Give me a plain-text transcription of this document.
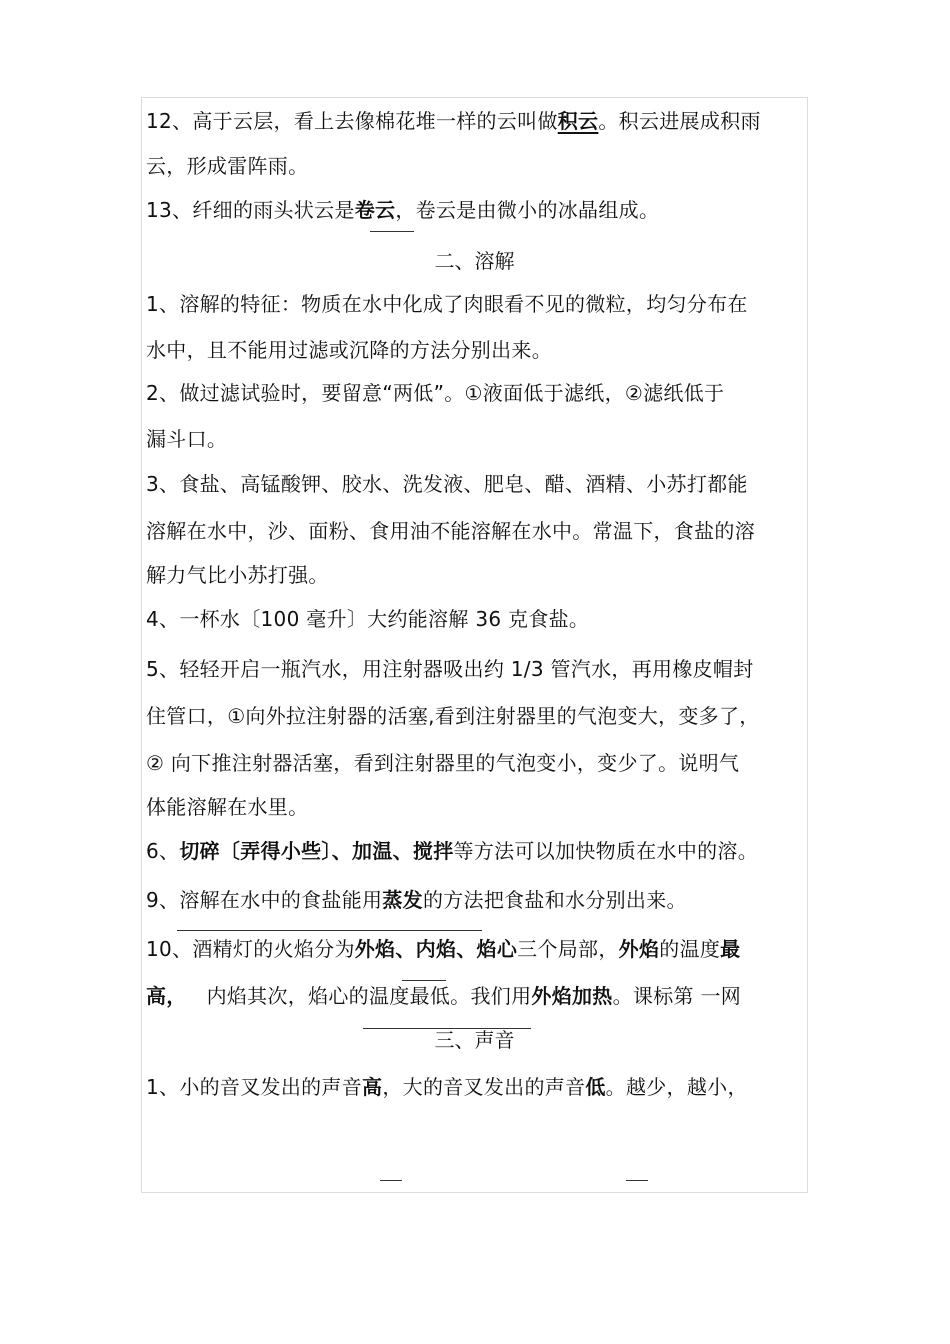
12、高于云层，看上去像棉花堆一样的云叫做积云。积云进展成积雨
云，形成雷阵雨。
13、纤细的雨头状云是卷云，卷云是由微小的冰晶组成。
二、溶解
1、溶解的特征：物质在水中化成了肉眼看不见的微粒，均匀分布在
水中，且不能用过滤或沉降的方法分别出来。
2、做过滤试验时，要留意“两低”。①液面低于滤纸，②滤纸低于
漏斗口。
3、食盐、高锰酸钾、胶水、洗发液、肥皂、醋、酒精、小苏打都能
溶解在水中，沙、面粉、食用油不能溶解在水中。常温下，食盐的溶
解力气比小苏打强。
4、一杯水〔100 毫升〕大约能溶解 36 克食盐。
5、轻轻开启一瓶汽水，用注射器吸出约 1/3 管汽水，再用橡皮帽封
住管口，①向外拉注射器的活塞,看到注射器里的气泡变大，变多了，
② 向下推注射器活塞，看到注射器里的气泡变小，变少了。说明气
体能溶解在水里。
6、切碎〔弄得小些〕、加温、搅拌等方法可以加快物质在水中的溶。
9、溶解在水中的食盐能用蒸发的方法把食盐和水分别出来。
10、酒精灯的火焰分为外焰、内焰、焰心三个局部，外焰的温度最
高，   内焰其次，焰心的温度最低。我们用外焰加热。课标第 一网
三、声音
1、小的音叉发出的声音高，大的音叉发出的声音低。越少，越小，
